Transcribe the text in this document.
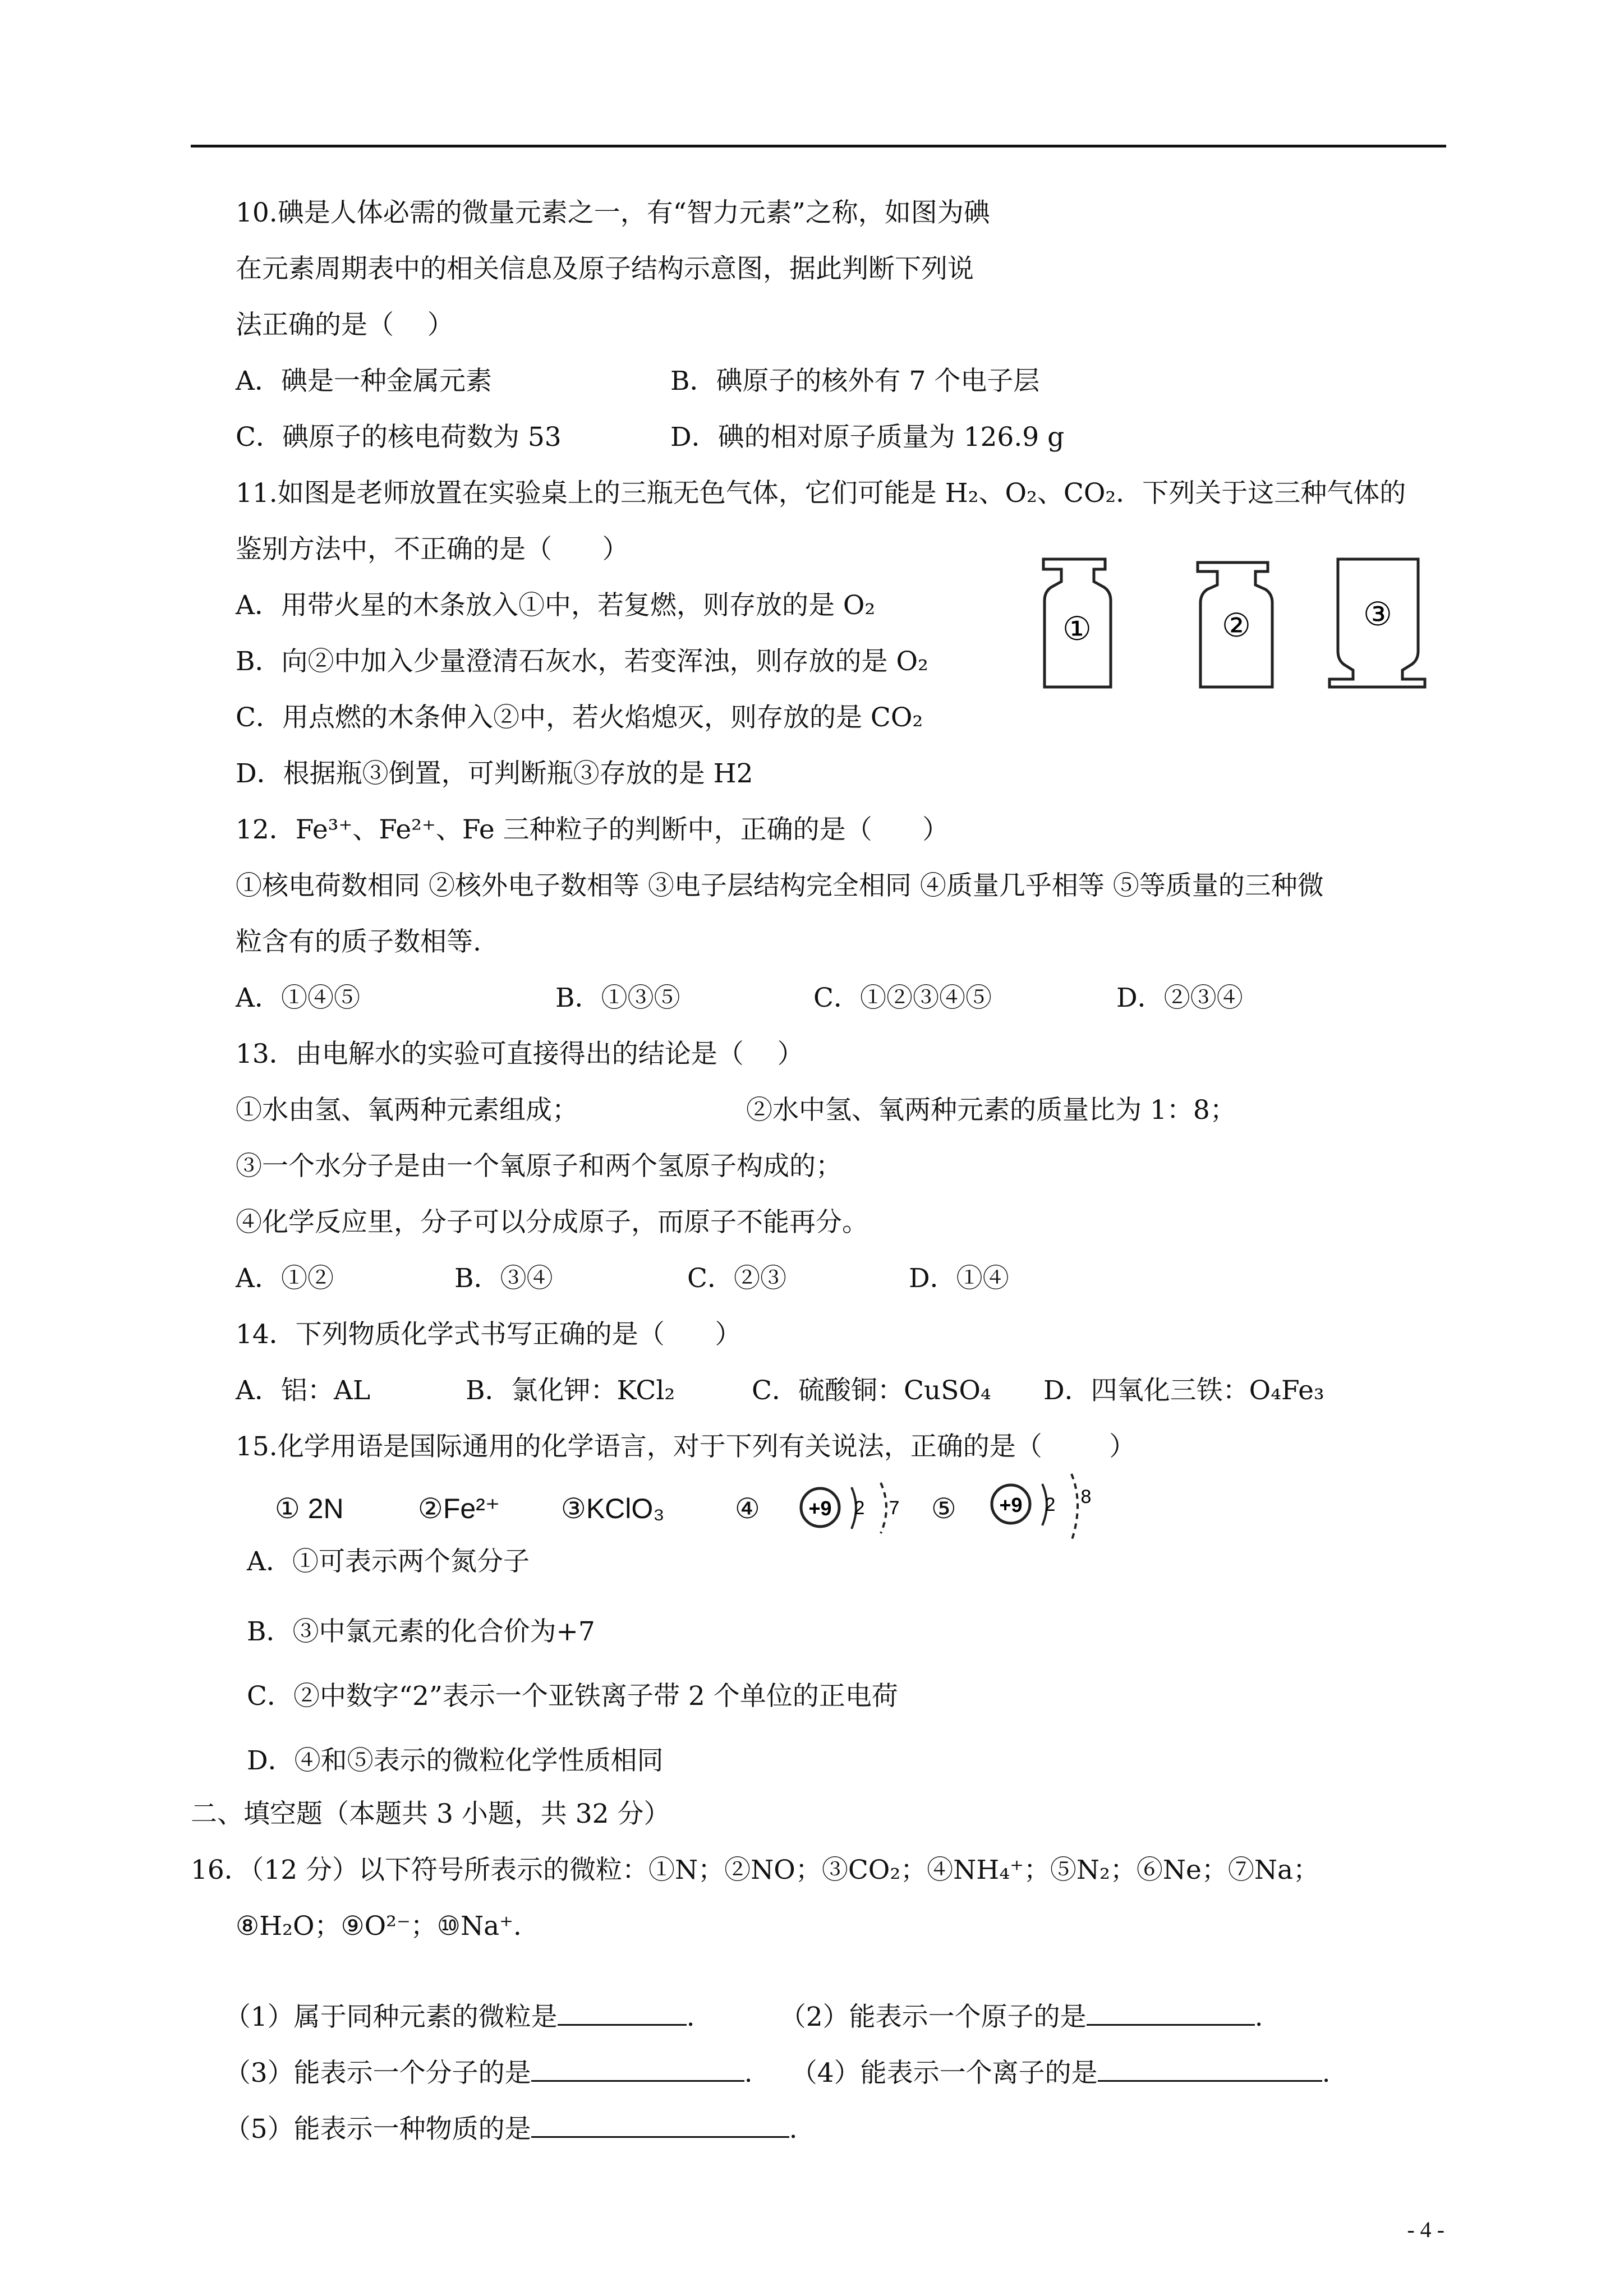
10.碘是人体必需的微量元素之一，有“智力元素”之称，如图为碘
在元素周期表中的相关信息及原子结构示意图，据此判断下列说
法正确的是（    ）
A．碘是一种金属元素	B．碘原子的核外有 7 个电子层
C．碘原子的核电荷数为 53	D．碘的相对原子质量为 126.9 g
11.如图是老师放置在实验桌上的三瓶无色气体，它们可能是 H₂、O₂、CO₂．下列关于这三种气体的
鉴别方法中，不正确的是（      ）
A．用带火星的木条放入①中，若复燃，则存放的是 O₂
B．向②中加入少量澄清石灰水，若变浑浊，则存放的是 O₂
C．用点燃的木条伸入②中，若火焰熄灭，则存放的是 CO₂
D．根据瓶③倒置，可判断瓶③存放的是 H2
①	②	③
12．Fe³⁺、Fe²⁺、Fe 三种粒子的判断中，正确的是（      ）
①核电荷数相同 ②核外电子数相等 ③电子层结构完全相同 ④质量几乎相等 ⑤等质量的三种微
粒含有的质子数相等.
A．①④⑤	B．①③⑤	C．①②③④⑤	D．②③④
13．由电解水的实验可直接得出的结论是（    ）
①水由氢、氧两种元素组成；	②水中氢、氧两种元素的质量比为 1：8；
③一个水分子是由一个氧原子和两个氢原子构成的；
④化学反应里，分子可以分成原子，而原子不能再分。
A．①②	B．③④	C．②③	D．①④
14．下列物质化学式书写正确的是（      ）
A．铝：AL	B．氯化钾：KCl₂	C．硫酸铜：CuSO₄ D．四氧化三铁：O₄Fe₃
15.化学用语是国际通用的化学语言，对于下列有关说法，正确的是（        ）
① 2N	②Fe²⁺ ③KClO₃	④	⑤
+9 2 7	+9 2 8
A．①可表示两个氮分子
B．③中氯元素的化合价为+7
C．②中数字“2”表示一个亚铁离子带 2 个单位的正电荷
D．④和⑤表示的微粒化学性质相同
二、填空题（本题共 3 小题，共 32 分）
16．（12 分）以下符号所表示的微粒：①N；②NO；③CO₂；④NH₄⁺；⑤N₂；⑥Ne；⑦Na；
⑧H₂O；⑨O²⁻；⑩Na⁺.

（1）属于同种元素的微粒是	.
	（2）能表示一个原子的是	.

（3）能表示一个分子的是	.
	（4）能表示一个离子的是	.

（5）能表示一种物质的是	.

- 4 -
